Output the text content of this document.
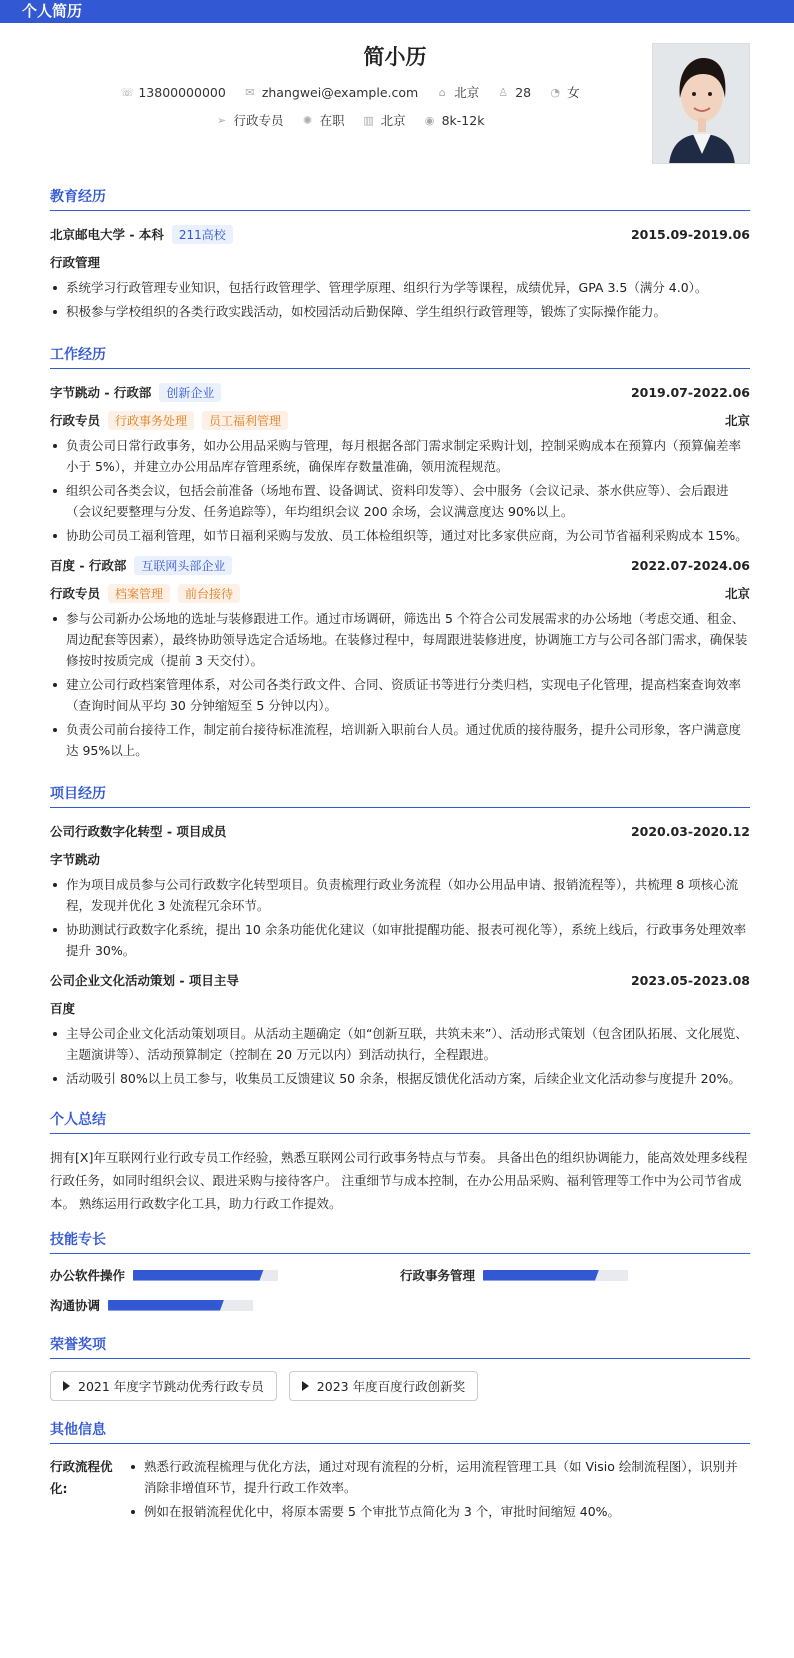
个人简历
简小历
☏ 13800000000 ✉ zhangwei@example.com ⌂ 北京 ♙ 28 ◔ 女
➢ 行政专员 ✺ 在职 ▥ 北京 ◉ 8k-12k
教育经历
北京邮电大学 - 本科	211高校	2015.09-2019.06
行政管理
系统学习行政管理专业知识，包括行政管理学、管理学原理、组织行为学等课程，成绩优异，GPA 3.5（满分 4.0）。
积极参与学校组织的各类行政实践活动，如校园活动后勤保障、学生组织行政管理等，锻炼了实际操作能力。
工作经历
字节跳动 - 行政部	创新企业	2019.07-2022.06
行政专员	行政事务处理	员工福利管理	北京
负责公司日常行政事务，如办公用品采购与管理，每月根据各部门需求制定采购计划，控制采购成本在预算内（预算偏差率小于 5%），并建立办公用品库存管理系统，确保库存数量准确，领用流程规范。
组织公司各类会议，包括会前准备（场地布置、设备调试、资料印发等）、会中服务（会议记录、茶水供应等）、会后跟进（会议纪要整理与分发、任务追踪等），年均组织会议 200 余场，会议满意度达 90%以上。
协助公司员工福利管理，如节日福利采购与发放、员工体检组织等，通过对比多家供应商，为公司节省福利采购成本 15%。
百度 - 行政部	互联网头部企业	2022.07-2024.06
行政专员	档案管理	前台接待	北京
参与公司新办公场地的选址与装修跟进工作。通过市场调研，筛选出 5 个符合公司发展需求的办公场地（考虑交通、租金、周边配套等因素），最终协助领导选定合适场地。在装修过程中，每周跟进装修进度，协调施工方与公司各部门需求，确保装修按时按质完成（提前 3 天交付）。
建立公司行政档案管理体系，对公司各类行政文件、合同、资质证书等进行分类归档，实现电子化管理，提高档案查询效率（查询时间从平均 30 分钟缩短至 5 分钟以内）。
负责公司前台接待工作，制定前台接待标准流程，培训新入职前台人员。通过优质的接待服务，提升公司形象，客户满意度达 95%以上。
项目经历
公司行政数字化转型 - 项目成员	2020.03-2020.12
字节跳动
作为项目成员参与公司行政数字化转型项目。负责梳理行政业务流程（如办公用品申请、报销流程等），共梳理 8 项核心流程，发现并优化 3 处流程冗余环节。
协助测试行政数字化系统，提出 10 余条功能优化建议（如审批提醒功能、报表可视化等），系统上线后，行政事务处理效率提升 30%。
公司企业文化活动策划 - 项目主导	2023.05-2023.08
百度
主导公司企业文化活动策划项目。从活动主题确定（如“创新互联，共筑未来”）、活动形式策划（包含团队拓展、文化展览、主题演讲等）、活动预算制定（控制在 20 万元以内）到活动执行，全程跟进。
活动吸引 80%以上员工参与，收集员工反馈建议 50 余条，根据反馈优化活动方案，后续企业文化活动参与度提升 20%。
个人总结
拥有[X]年互联网行业行政专员工作经验，熟悉互联网公司行政事务特点与节奏。 具备出色的组织协调能力，能高效处理多线程行政任务，如同时组织会议、跟进采购与接待客户。 注重细节与成本控制，在办公用品采购、福利管理等工作中为公司节省成本。 熟练运用行政数字化工具，助力行政工作提效。
技能专长
办公软件操作	行政事务管理
沟通协调
荣誉奖项
2021 年度字节跳动优秀行政专员	2023 年度百度行政创新奖
其他信息
行政流程优化:
熟悉行政流程梳理与优化方法，通过对现有流程的分析，运用流程管理工具（如 Visio 绘制流程图），识别并消除非增值环节，提升行政工作效率。
例如在报销流程优化中，将原本需要 5 个审批节点简化为 3 个，审批时间缩短 40%。
